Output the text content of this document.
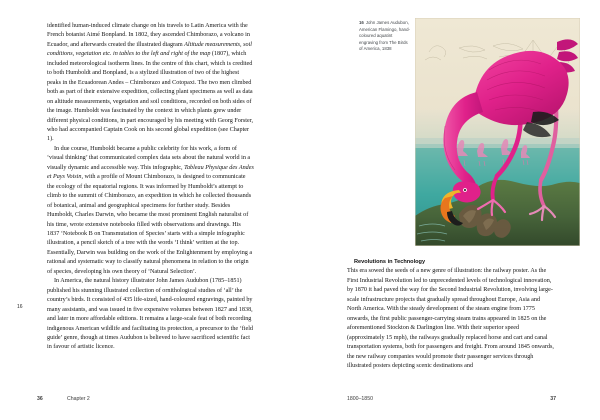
identified human-induced climate change on his travels to Latin America with the French botanist Aimé Bonpland. In 1802, they ascended Chimborazo, a volcano in Ecuador, and afterwards created the illustrated diagram Altitude measurements, soil conditions, vegetation etc. in tables to the left and right of the map (1807), which included meteorological isotherm lines. In the centre of this chart, which is credited to both Humboldt and Bonpland, is a stylized illustration of two of the highest peaks in the Ecuadorean Andes – Chimborazo and Cotopaxi. The two men climbed both as part of their extensive expedition, collecting plant specimens as well as data on altitude measurements, vegetation and soil conditions, recorded on both sides of the image. Humboldt was fascinated by the context in which plants grew under different physical conditions, in part encouraged by his meeting with Georg Forster, who had accompanied Captain Cook on his second global expedition (see Chapter 1).

In due course, Humboldt became a public celebrity for his work, a form of ‘visual thinking’ that communicated complex data sets about the natural world in a visually dynamic and accessible way. This infographic, Tableau Physique des Andes et Pays Voisin, with a profile of Mount Chimborazo, is designed to communicate the ecology of the equatorial regions. It was informed by Humboldt’s attempt to climb to the summit of Chimborazo, an expedition in which he collected thousands of botanical, animal and geographical specimens for further study. Besides Humboldt, Charles Darwin, who became the most prominent English naturalist of his time, wrote extensive notebooks filled with observations and drawings. His 1837 ‘Notebook B on Transmutation of Species’ starts with a simple infographic illustration, a pencil sketch of a tree with the words ‘I think’ written at the top. Essentially, Darwin was building on the work of the Enlightenment by employing a rational and systematic way to classify natural phenomena in relation to the origin of species, developing his own theory of ‘Natural Selection’.

In America, the natural history illustrator John James Audubon (1785–1851) published his stunning illustrated collection of ornithological studies of ‘all’ the country’s birds. It consisted of 435 life-sized, hand-coloured engravings, painted by many assistants, and was issued in five expensive volumes between 1827 and 1838, and later in more affordable editions. It remains a large-scale feat of both recording indigenous American wildlife and facilitating its protection, a precursor to the ‘field guide’ genre, though at times Audubon is believed to have sacrificed scientific fact in favour of artistic licence.

16
36	Chapter 2
16 John James Audubon, American Flamingo, hand-coloured aquatint engraving from The Birds of America, 1838

Revolutions in Technology

This era sowed the seeds of a new genre of illustration: the railway poster. As the First Industrial Revolution led to unprecedented levels of technological innovation, by 1870 it had paved the way for the Second Industrial Revolution, involving large-scale infrastructure projects that gradually spread throughout Europe, Asia and North America. With the steady development of the steam engine from 1775 onwards, the first public passenger-carrying steam trains appeared in 1825 on the aforementioned Stockton & Darlington line. With their superior speed (approximately 15 mph), the railways gradually replaced horse and cart and canal transportation systems, both for passengers and freight. From around 1845 onwards, the new railway companies would promote their passenger services through illustrated posters depicting scenic destinations and

1800–1850	37
